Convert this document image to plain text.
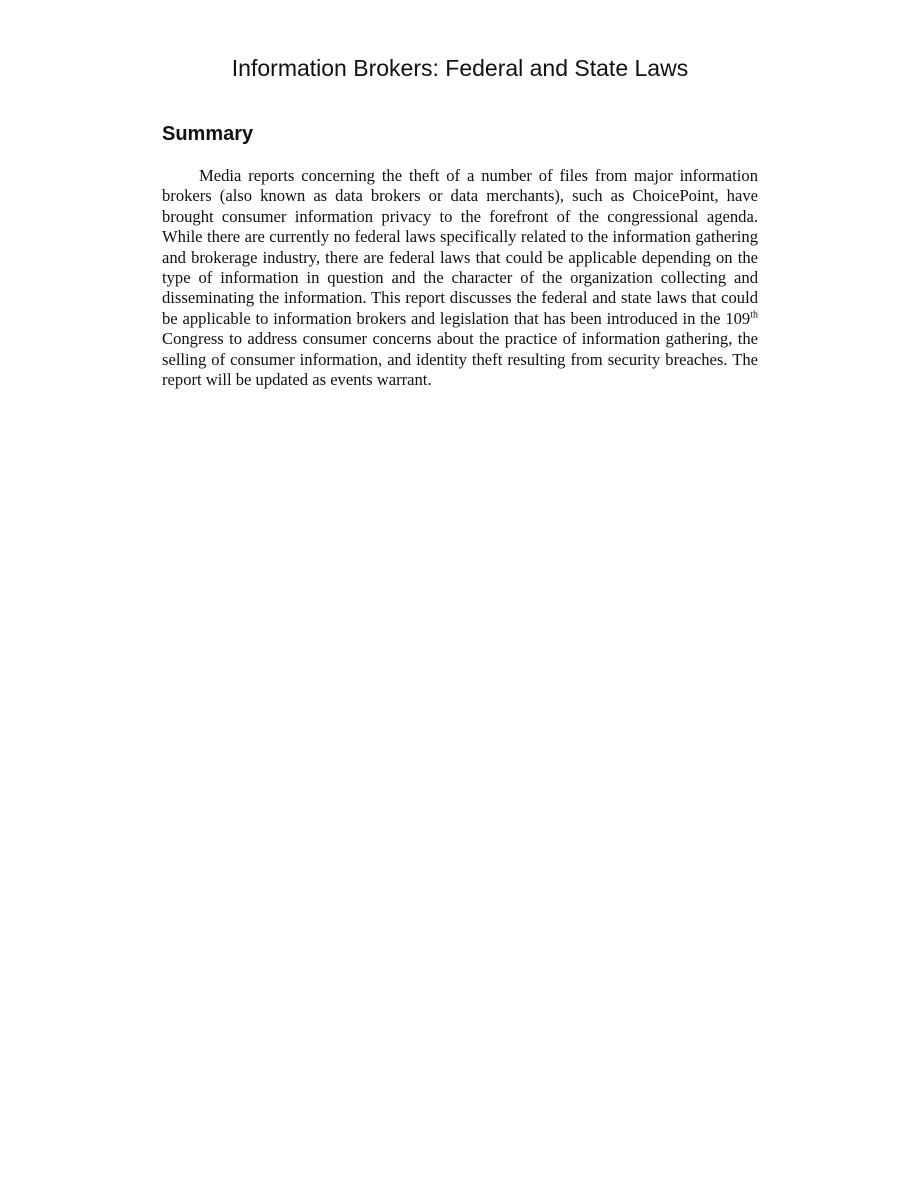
Information Brokers: Federal and State Laws
Summary

Media reports concerning the theft of a number of files from major information brokers (also known as data brokers or data merchants), such as ChoicePoint, have brought consumer information privacy to the forefront of the congressional agenda. While there are currently no federal laws specifically related to the information gathering and brokerage industry, there are federal laws that could be applicable depending on the type of information in question and the character of the organization collecting and disseminating the information. This report discusses the federal and state laws that could be applicable to information brokers and legislation that has been introduced in the 109th Congress to address consumer concerns about the practice of information gathering, the selling of consumer information, and identity theft resulting from security breaches. The report will be updated as events warrant.
